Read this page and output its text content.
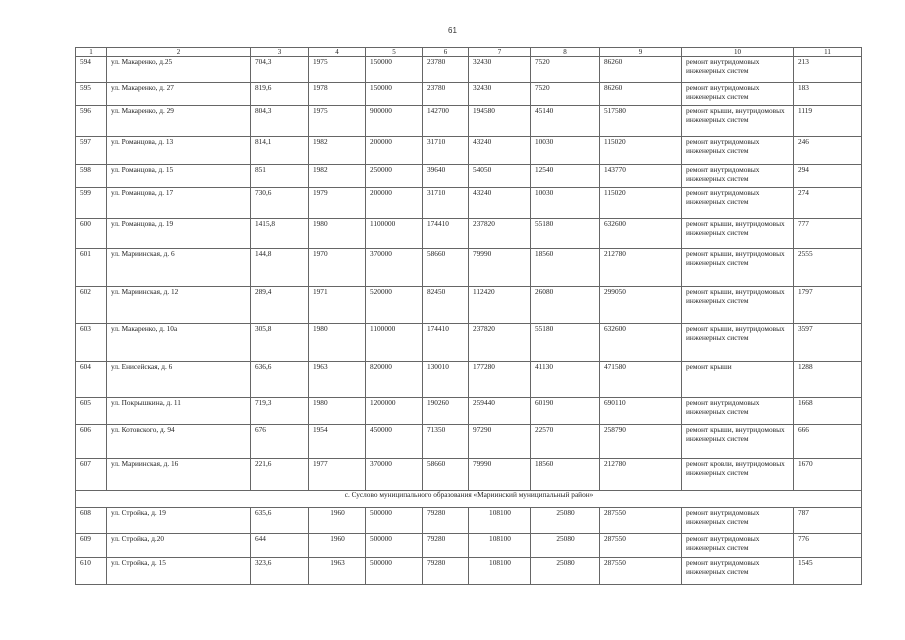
61
1	2	3	4	5	6	7	8	9	10	11
594	ул. Макаренко, д.25	704,3	1975	150000	23780	32430	7520	86260	ремонт внутридомовых инженерных систем	213
595	ул. Макаренко, д. 27	819,6	1978	150000	23780	32430	7520	86260	ремонт внутридомовых инженерных систем	183
596	ул. Макаренко, д. 29	804,3	1975	900000	142700	194580	45140	517580	ремонт крыши, внутридомовых инженерных систем	1119
597	ул. Романцова, д. 13	814,1	1982	200000	31710	43240	10030	115020	ремонт внутридомовых инженерных систем	246
598	ул. Романцова, д. 15	851	1982	250000	39640	54050	12540	143770	ремонт внутридомовых инженерных систем	294
599	ул. Романцова, д. 17	730,6	1979	200000	31710	43240	10030	115020	ремонт внутридомовых инженерных систем	274
600	ул. Романцова, д. 19	1415,8	1980	1100000	174410	237820	55180	632600	ремонт крыши, внутридомовых инженерных систем	777
601	ул. Мариинская, д. 6	144,8	1970	370000	58660	79990	18560	212780	ремонт крыши, внутридомовых инженерных систем	2555
602	ул. Мариинская, д. 12	289,4	1971	520000	82450	112420	26080	299050	ремонт крыши, внутридомовых инженерных систем	1797
603	ул. Макаренко, д. 10а	305,8	1980	1100000	174410	237820	55180	632600	ремонт крыши, внутридомовых инженерных систем	3597
604	ул. Енисейская, д. 6	636,6	1963	820000	130010	177280	41130	471580	ремонт крыши	1288
605	ул. Покрышкина, д. 11	719,3	1980	1200000	190260	259440	60190	690110	ремонт внутридомовых инженерных систем	1668
606	ул. Котовского, д. 94	676	1954	450000	71350	97290	22570	258790	ремонт крыши, внутридомовых инженерных систем	666
607	ул. Мариинская, д. 16	221,6	1977	370000	58660	79990	18560	212780	ремонт кровли, внутридомовых инженерных систем	1670
с. Суслово муниципального образования «Мариинский муниципальный район»										
608	ул. Стройка, д. 19	635,6	1960	500000	79280	108100	25080	287550	ремонт внутридомовых инженерных систем	787
609	ул. Стройка, д.20	644	1960	500000	79280	108100	25080	287550	ремонт внутридомовых инженерных систем	776
610	ул. Стройка, д. 15	323,6	1963	500000	79280	108100	25080	287550	ремонт внутридомовых инженерных систем	1545
